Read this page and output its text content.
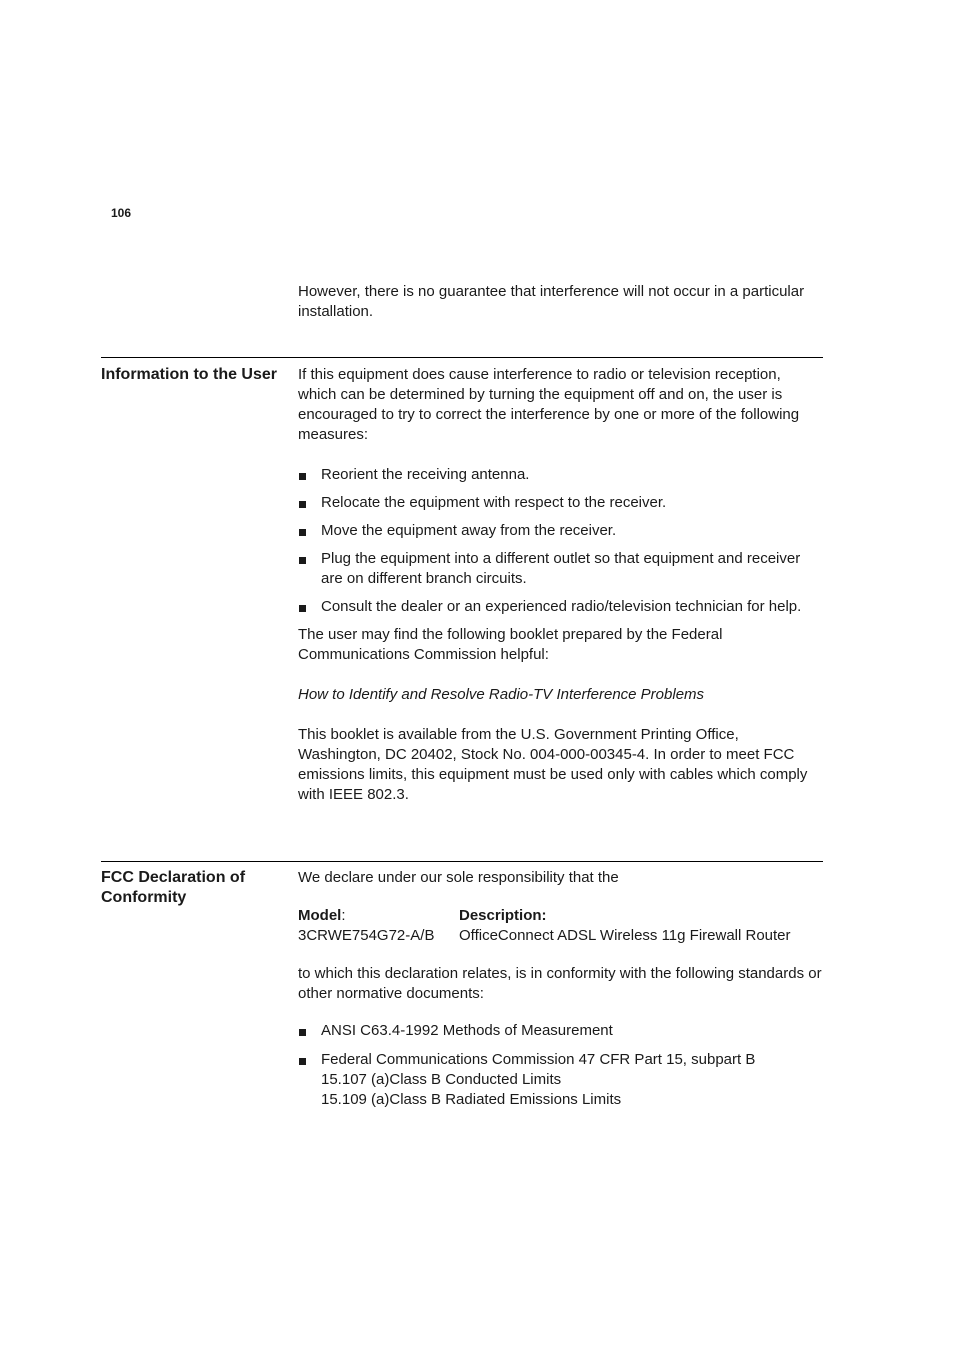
106

However, there is no guarantee that interference will not occur in a particular installation.

Information to the User	If this equipment does cause interference to radio or television reception, which can be determined by turning the equipment off and on, the user is encouraged to try to correct the interference by one or more of the following measures:

Reorient the receiving antenna.
Relocate the equipment with respect to the receiver.
Move the equipment away from the receiver.
Plug the equipment into a different outlet so that equipment and receiver are on different branch circuits.
Consult the dealer or an experienced radio/television technician for help.

The user may find the following booklet prepared by the Federal Communications Commission helpful:

How to Identify and Resolve Radio-TV Interference Problems

This booklet is available from the U.S. Government Printing Office, Washington, DC 20402, Stock No. 004-000-00345-4. In order to meet FCC emissions limits, this equipment must be used only with cables which comply with IEEE 802.3.

FCC Declaration of Conformity

We declare under our sole responsibility that the

Model:	Description:
3CRWE754G72-A/B	OfficeConnect ADSL Wireless 11g Firewall Router

to which this declaration relates, is in conformity with the following standards or other normative documents:

ANSI C63.4-1992 Methods of Measurement
Federal Communications Commission 47 CFR Part 15, subpart B
15.107 (a)Class B Conducted Limits
15.109 (a)Class B Radiated Emissions Limits
